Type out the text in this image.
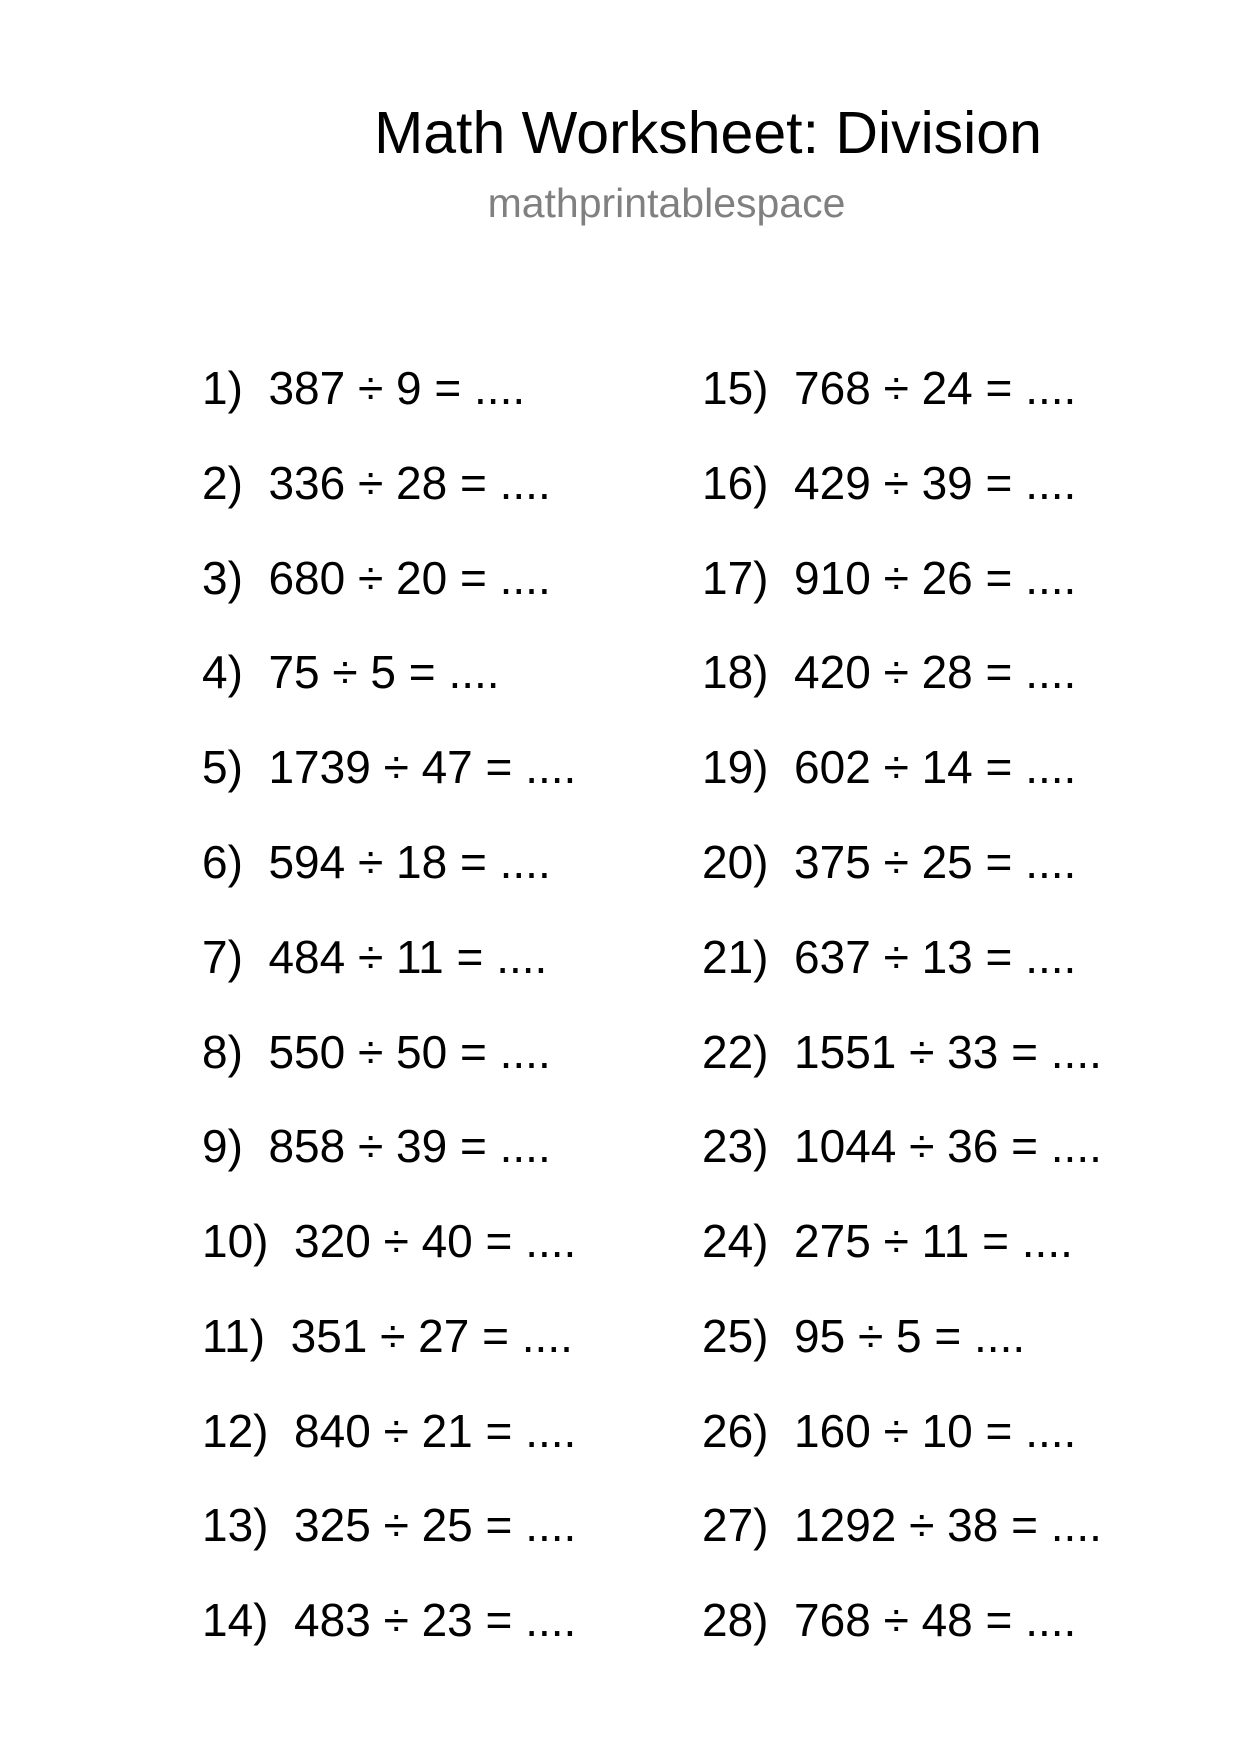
Math Worksheet: Division
mathprintablespace
1)  387 ÷ 9 = ....
2)  336 ÷ 28 = ....
3)  680 ÷ 20 = ....
4)  75 ÷ 5 = ....
5)  1739 ÷ 47 = ....
6)  594 ÷ 18 = ....
7)  484 ÷ 11 = ....
8)  550 ÷ 50 = ....
9)  858 ÷ 39 = ....
10)  320 ÷ 40 = ....
11)  351 ÷ 27 = ....
12)  840 ÷ 21 = ....
13)  325 ÷ 25 = ....
14)  483 ÷ 23 = ....
15)  768 ÷ 24 = ....
16)  429 ÷ 39 = ....
17)  910 ÷ 26 = ....
18)  420 ÷ 28 = ....
19)  602 ÷ 14 = ....
20)  375 ÷ 25 = ....
21)  637 ÷ 13 = ....
22)  1551 ÷ 33 = ....
23)  1044 ÷ 36 = ....
24)  275 ÷ 11 = ....
25)  95 ÷ 5 = ....
26)  160 ÷ 10 = ....
27)  1292 ÷ 38 = ....
28)  768 ÷ 48 = ....
